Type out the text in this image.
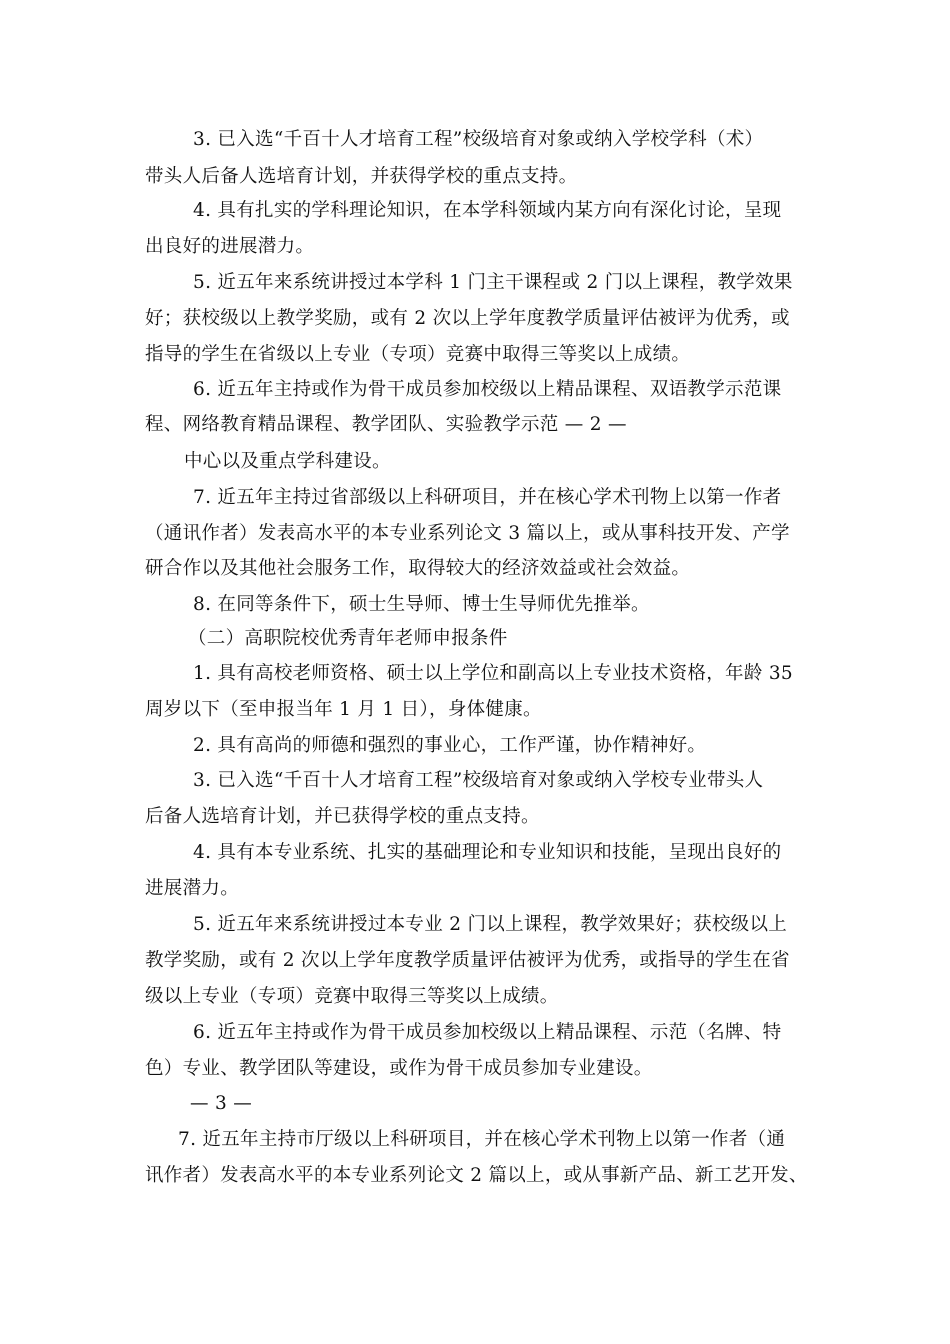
3. 已入选“千百十人才培育工程”校级培育对象或纳入学校学科（术）
带头人后备人选培育计划，并获得学校的重点支持。
4. 具有扎实的学科理论知识，在本学科领域内某方向有深化讨论，呈现
出良好的进展潜力。
5. 近五年来系统讲授过本学科 1 门主干课程或 2 门以上课程，教学效果
好；获校级以上教学奖励，或有 2 次以上学年度教学质量评估被评为优秀，或
指导的学生在省级以上专业（专项）竞赛中取得三等奖以上成绩。
6. 近五年主持或作为骨干成员参加校级以上精品课程、双语教学示范课
程、网络教育精品课程、教学团队、实验教学示范 — 2 —
中心以及重点学科建设。
7. 近五年主持过省部级以上科研项目，并在核心学术刊物上以第一作者
（通讯作者）发表高水平的本专业系列论文 3 篇以上，或从事科技开发、产学
研合作以及其他社会服务工作，取得较大的经济效益或社会效益。
8. 在同等条件下，硕士生导师、博士生导师优先推举。
（二）高职院校优秀青年老师申报条件
1. 具有高校老师资格、硕士以上学位和副高以上专业技术资格，年龄 35
周岁以下（至申报当年 1 月 1 日），身体健康。
2. 具有高尚的师德和强烈的事业心，工作严谨，协作精神好。
3. 已入选“千百十人才培育工程”校级培育对象或纳入学校专业带头人
后备人选培育计划，并已获得学校的重点支持。
4. 具有本专业系统、扎实的基础理论和专业知识和技能，呈现出良好的
进展潜力。
5. 近五年来系统讲授过本专业 2 门以上课程，教学效果好；获校级以上
教学奖励，或有 2 次以上学年度教学质量评估被评为优秀，或指导的学生在省
级以上专业（专项）竞赛中取得三等奖以上成绩。
6. 近五年主持或作为骨干成员参加校级以上精品课程、示范（名牌、特
色）专业、教学团队等建设，或作为骨干成员参加专业建设。
— 3 —
7. 近五年主持市厅级以上科研项目，并在核心学术刊物上以第一作者（通
讯作者）发表高水平的本专业系列论文 2 篇以上，或从事新产品、新工艺开发、
